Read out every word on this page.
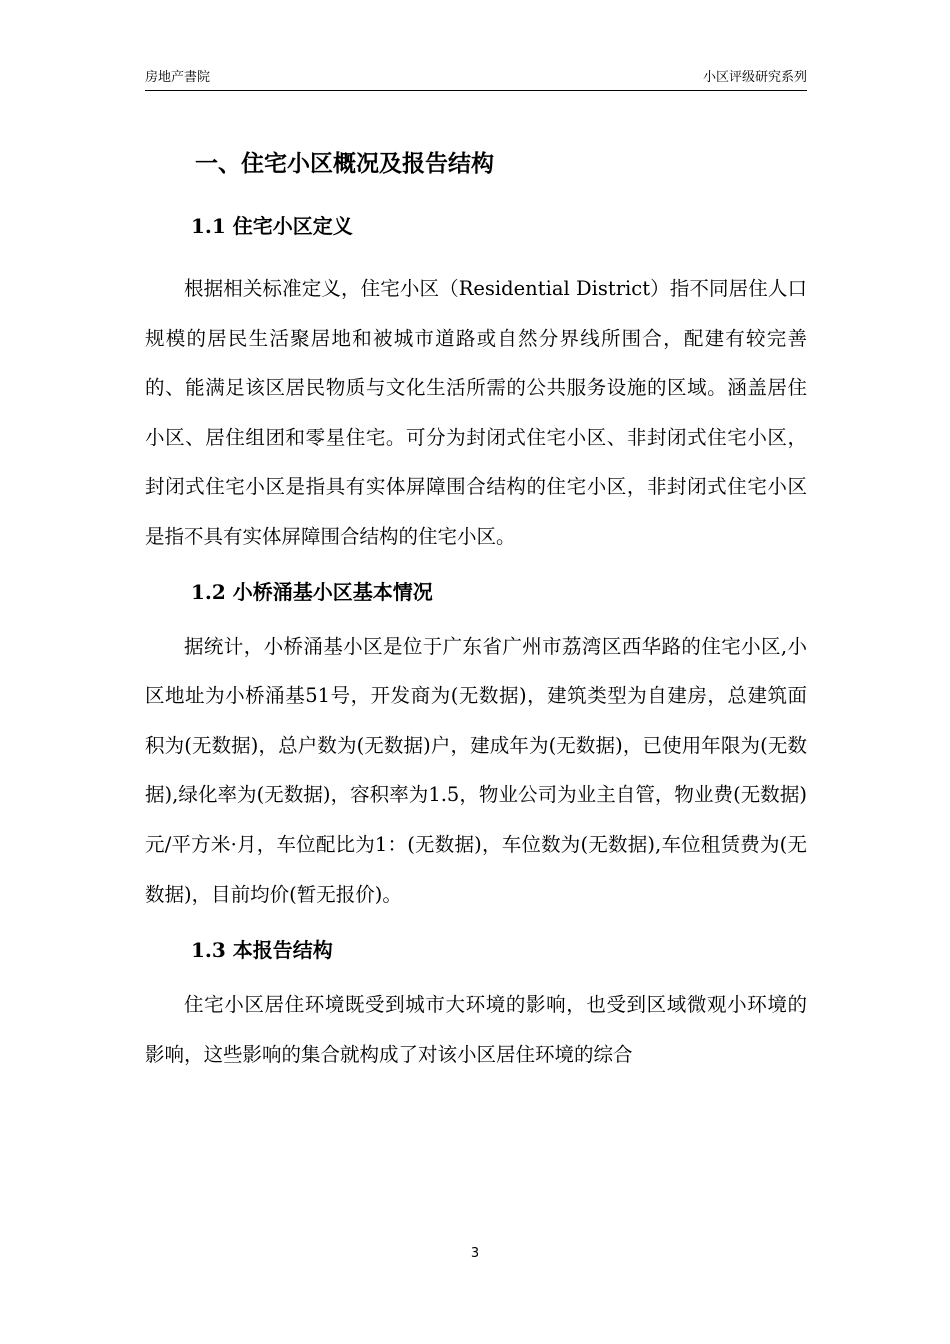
房地产書院	小区评级研究系列
一、住宅小区概况及报告结构
1.1 住宅小区定义

根据相关标准定义，住宅小区（Residential District）指不同居住人口规模的居民生活聚居地和被城市道路或自然分界线所围合，配建有较完善的、能满足该区居民物质与文化生活所需的公共服务设施的区域。涵盖居住小区、居住组团和零星住宅。可分为封闭式住宅小区、非封闭式住宅小区，封闭式住宅小区是指具有实体屏障围合结构的住宅小区，非封闭式住宅小区是指不具有实体屏障围合结构的住宅小区。

1.2 小桥涌基小区基本情况

据统计，小桥涌基小区是位于广东省广州市荔湾区西华路的住宅小区,小区地址为小桥涌基51号，开发商为(无数据)，建筑类型为自建房，总建筑面积为(无数据)，总户数为(无数据)户，建成年为(无数据)，已使用年限为(无数据),绿化率为(无数据)，容积率为1.5，物业公司为业主自管，物业费(无数据)元/平方米·月，车位配比为1：(无数据)，车位数为(无数据),车位租赁费为(无数据)，目前均价(暂无报价)。

1.3 本报告结构

住宅小区居住环境既受到城市大环境的影响，也受到区域微观小环境的影响，这些影响的集合就构成了对该小区居住环境的综合

3
